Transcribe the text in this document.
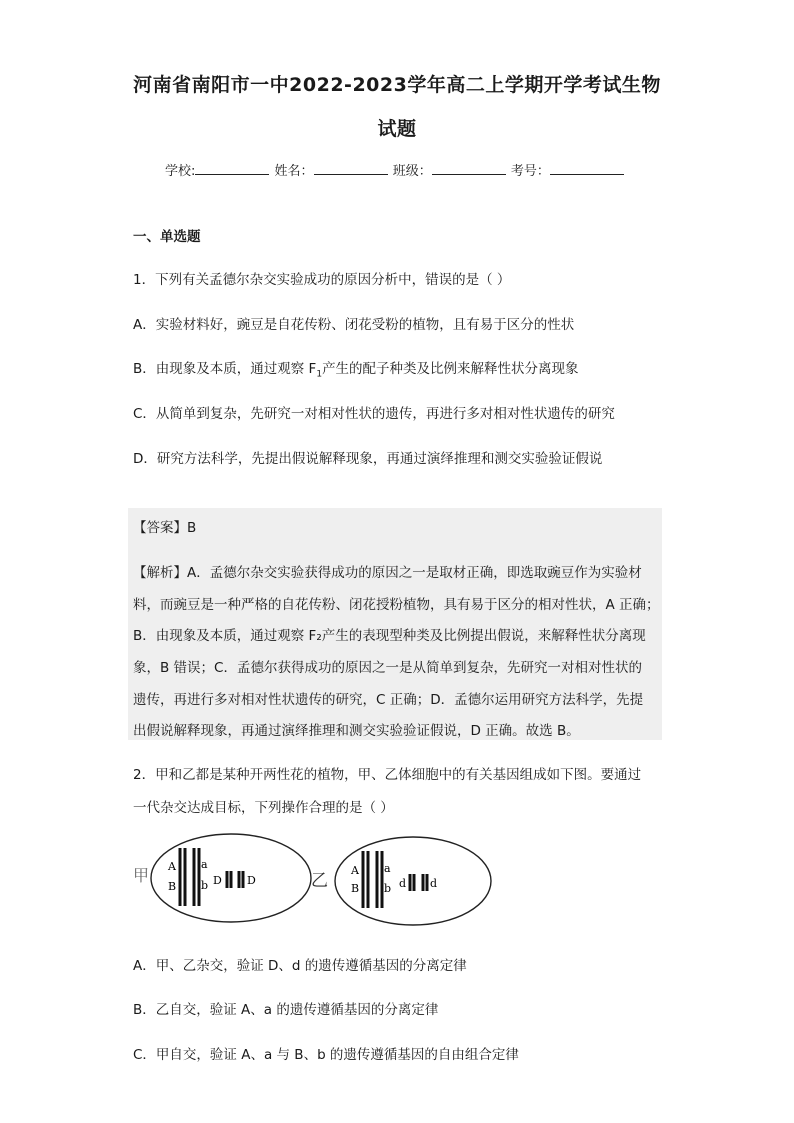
河南省南阳市一中2022-2023学年高二上学期开学考试生物
试题
学校:	姓名：	班级：	考号：
一、单选题
1．下列有关孟德尔杂交实验成功的原因分析中，错误的是（ ）
A．实验材料好，豌豆是自花传粉、闭花受粉的植物，且有易于区分的性状
B．由现象及本质，通过观察 $F_1$产生的配子种类及比例来解释性状分离现象
C．从简单到复杂，先研究一对相对性状的遗传，再进行多对相对性状遗传的研究
D．研究方法科学，先提出假说解释现象，再通过演绎推理和测交实验验证假说
【答案】B
【解析】A．孟德尔杂交实验获得成功的原因之一是取材正确，即选取豌豆作为实验材
料，而豌豆是一种严格的自花传粉、闭花授粉植物，具有易于区分的相对性状，A 正确；
B．由现象及本质，通过观察 F₂产生的表现型种类及比例提出假说，来解释性状分离现
象，B 错误；C．孟德尔获得成功的原因之一是从简单到复杂，先研究一对相对性状的
遗传，再进行多对相对性状遗传的研究，C 正确；D．孟德尔运用研究方法科学，先提
出假说解释现象，再通过演绎推理和测交实验验证假说，D 正确。故选 B。
2．甲和乙都是某种开两性花的植物，甲、乙体细胞中的有关基因组成如下图。要通过
一代杂交达成目标，下列操作合理的是（ ）
甲 A
B
a
b D D	乙
A
B
a
b d d
A．甲、乙杂交，验证 D、d 的遗传遵循基因的分离定律
B．乙自交，验证 A、a 的遗传遵循基因的分离定律
C．甲自交，验证 A、a 与 B、b 的遗传遵循基因的自由组合定律
